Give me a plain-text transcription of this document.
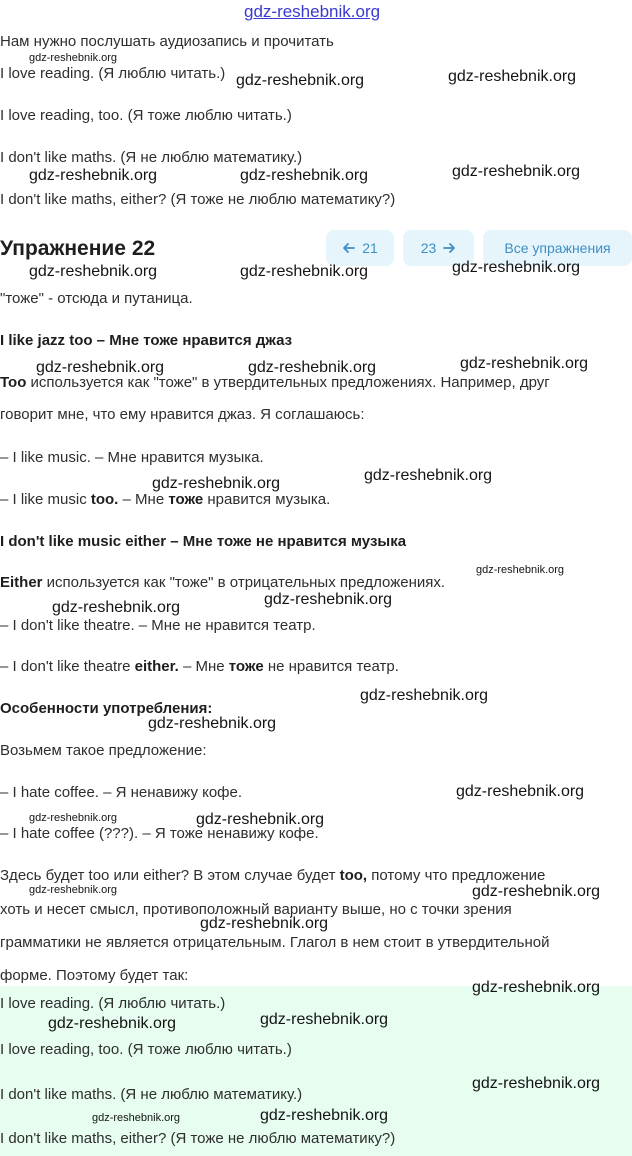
gdz-reshebnik.org
Нам нужно послушать аудиозапись и прочитать
I love reading. (Я люблю читать.)
I love reading, too. (Я тоже люблю читать.)
I don't like maths. (Я не люблю математику.)
I don't like maths, either? (Я тоже не люблю математику?)
Упражнение 22	21	23	Все упражнения
"тоже" - отсюда и путаница.
I like jazz too – Мне тоже нравится джаз
Too используется как "тоже" в утвердительных предложениях. Например, друг
говорит мне, что ему нравится джаз. Я соглашаюсь:
– I like music. – Мне нравится музыка.
– I like music too. – Мне тоже нравится музыка.
I don't like music either – Мне тоже не нравится музыка
Either используется как "тоже" в отрицательных предложениях.
– I don't like theatre. – Мне не нравится театр.
– I don't like theatre either. – Мне тоже не нравится театр.
Особенности употребления:
Возьмем такое предложение:
– I hate coffee. – Я ненавижу кофе.
– I hate coffee (???). – Я тоже ненавижу кофе.
Здесь будет too или either? В этом случае будет too, потому что предложение
хоть и несет смысл, противоположный варианту выше, но с точки зрения
грамматики не является отрицательным. Глагол в нем стоит в утвердительной
форме. Поэтому будет так:
I love reading. (Я люблю читать.)
I love reading, too. (Я тоже люблю читать.)
I don't like maths. (Я не люблю математику.)
I don't like maths, either? (Я тоже не люблю математику?)
gdz-reshebnik.org
gdz-reshebnik.org	gdz-reshebnik.org
gdz-reshebnik.org	gdz-reshebnik.org	gdz-reshebnik.org
gdz-reshebnik.org	gdz-reshebnik.org	gdz-reshebnik.org
gdz-reshebnik.org	gdz-reshebnik.org	gdz-reshebnik.org
gdz-reshebnik.org	gdz-reshebnik.org
gdz-reshebnik.org
gdz-reshebnik.org	gdz-reshebnik.org
gdz-reshebnik.org
gdz-reshebnik.org
gdz-reshebnik.org
gdz-reshebnik.org	gdz-reshebnik.org
gdz-reshebnik.org	gdz-reshebnik.org
gdz-reshebnik.org
gdz-reshebnik.org
gdz-reshebnik.org	gdz-reshebnik.org
gdz-reshebnik.org
gdz-reshebnik.org	gdz-reshebnik.org
